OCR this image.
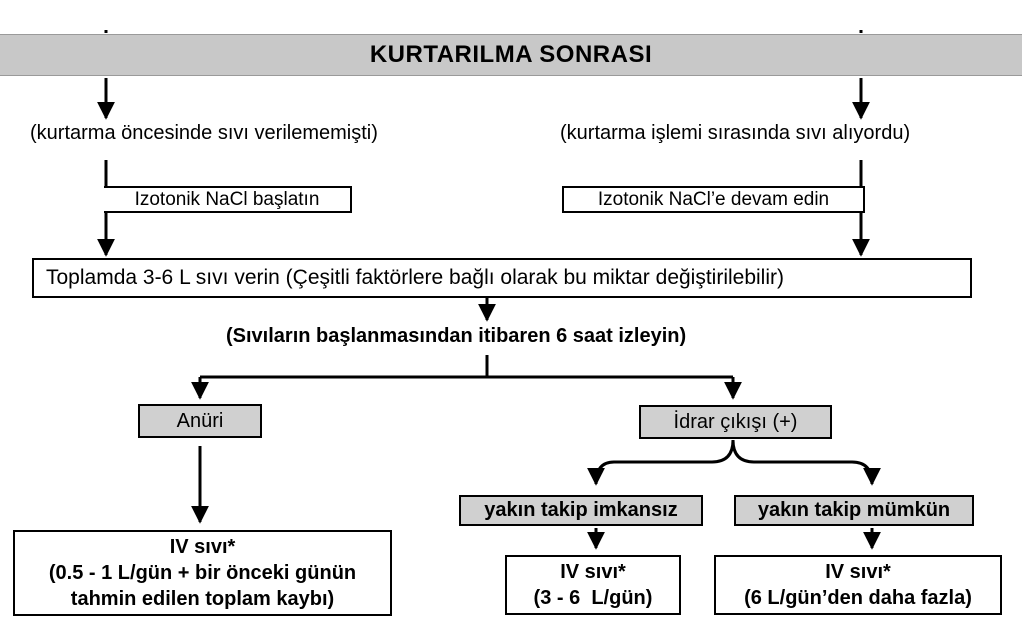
KURTARILMA SONRASI
(kurtarma öncesinde sıvı verilememişti)	(kurtarma işlemi sırasında sıvı alıyordu)
Izotonik NaCl başlatın	Izotonik NaCl’e devam edin
Toplamda 3-6 L sıvı verin (Çeşitli faktörlere bağlı olarak bu miktar değiştirilebilir)
(Sıvıların başlanmasından itibaren 6 saat izleyin)
Anüri	İdrar çıkışı (+)
yakın takip imkansız	yakın takip mümkün
IV sıvı*
(0.5 - 1 L/gün + bir önceki günün
tahmin edilen toplam kaybı)
IV sıvı*
(3 - 6  L/gün)
IV sıvı*
(6 L/gün’den daha fazla)
